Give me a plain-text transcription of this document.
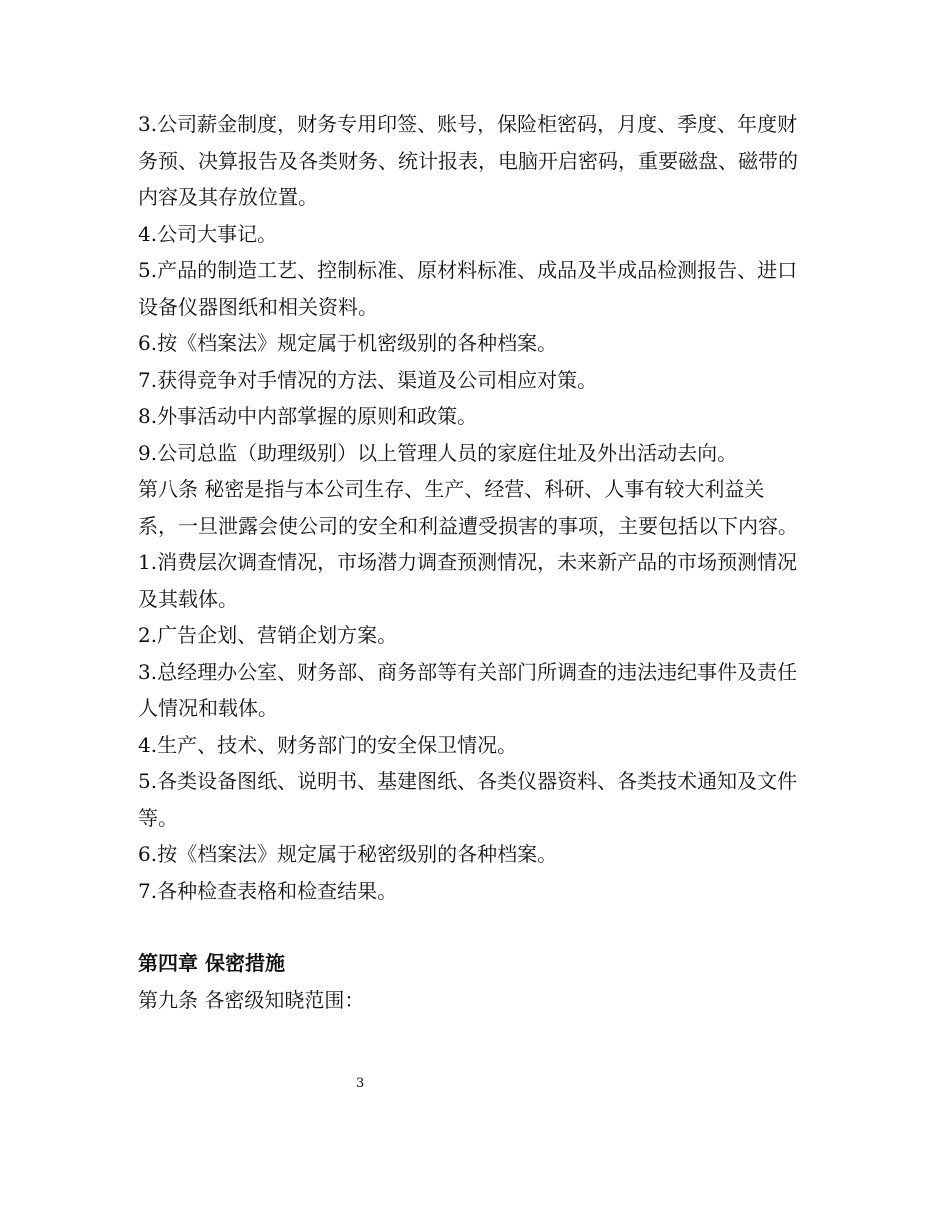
3.公司薪金制度，财务专用印签、账号，保险柜密码，月度、季度、年度财务预、决算报告及各类财务、统计报表，电脑开启密码，重要磁盘、磁带的内容及其存放位置。

4.公司大事记。

5.产品的制造工艺、控制标准、原材料标准、成品及半成品检测报告、进口设备仪器图纸和相关资料。

6.按《档案法》规定属于机密级别的各种档案。

7.获得竞争对手情况的方法、渠道及公司相应对策。

8.外事活动中内部掌握的原则和政策。

9.公司总监（助理级别）以上管理人员的家庭住址及外出活动去向。

第八条 秘密是指与本公司生存、生产、经营、科研、人事有较大利益关系，一旦泄露会使公司的安全和利益遭受损害的事项，主要包括以下内容。

1.消费层次调查情况，市场潜力调查预测情况，未来新产品的市场预测情况及其载体。

2.广告企划、营销企划方案。

3.总经理办公室、财务部、商务部等有关部门所调查的违法违纪事件及责任人情况和载体。

4.生产、技术、财务部门的安全保卫情况。

5.各类设备图纸、说明书、基建图纸、各类仪器资料、各类技术通知及文件等。

6.按《档案法》规定属于秘密级别的各种档案。

7.各种检查表格和检查结果。

第四章 保密措施

第九条 各密级知晓范围：

3
